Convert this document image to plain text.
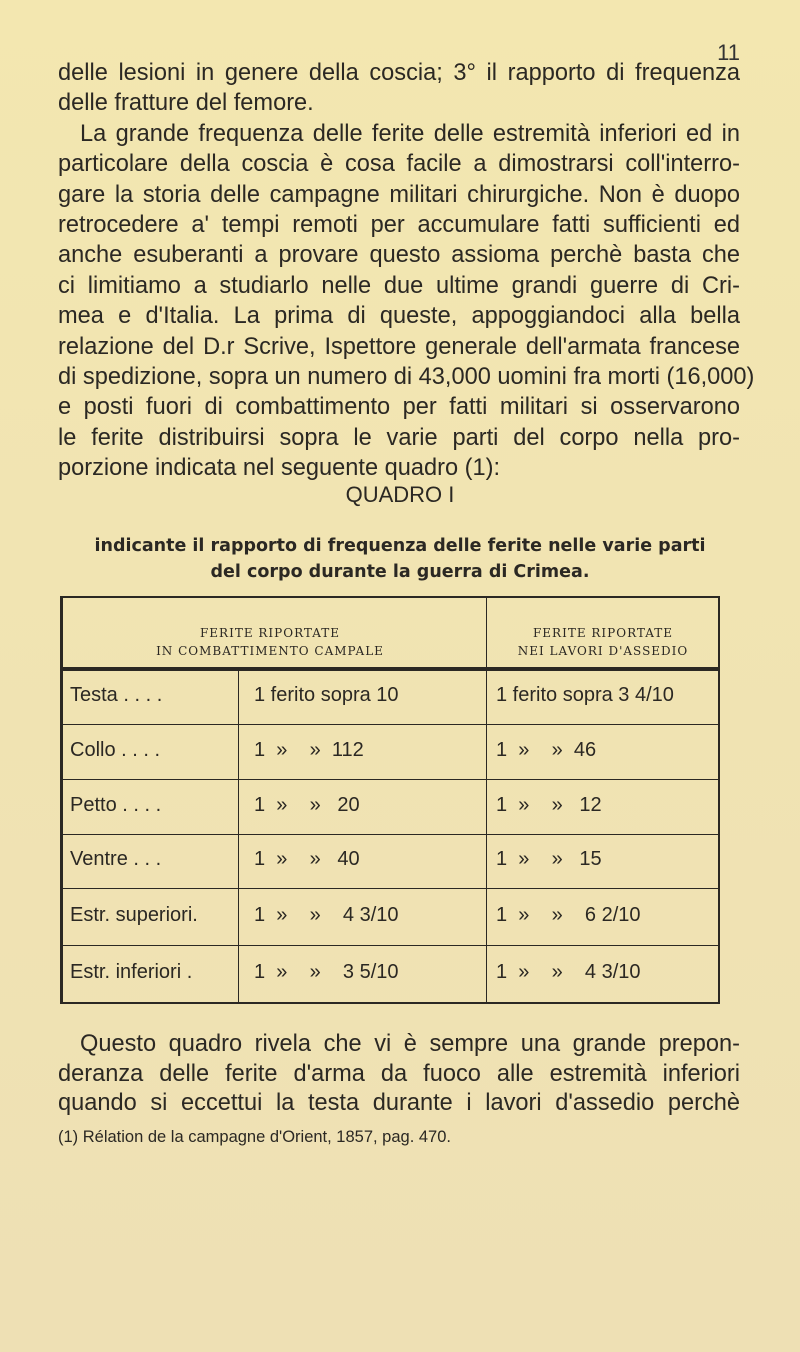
11
delle lesioni in genere della coscia; 3° il rapporto di frequenza
delle fratture del femore.
La grande frequenza delle ferite delle estremità inferiori ed in
particolare della coscia è cosa facile a dimostrarsi coll'interro-
gare la storia delle campagne militari chirurgiche. Non è duopo
retrocedere a' tempi remoti per accumulare fatti sufficienti ed
anche esuberanti a provare questo assioma perchè basta che
ci limitiamo a studiarlo nelle due ultime grandi guerre di Cri-
mea e d'Italia. La prima di queste, appoggiandoci alla bella
relazione del D.r Scrive, Ispettore generale dell'armata francese
di spedizione, sopra un numero di 43,000 uomini fra morti (16,000)
e posti fuori di combattimento per fatti militari si osservarono
le ferite distribuirsi sopra le varie parti del corpo nella pro-
porzione indicata nel seguente quadro (1):
QUADRO I
indicante il rapporto di frequenza delle ferite nelle varie parti
del corpo durante la guerra di Crimea.
FERITE RIPORTATE
IN COMBATTIMENTO CAMPALE
FERITE RIPORTATE
NEI LAVORI D'ASSEDIO
Testa . . . .	1 ferito sopra 10	1 ferito sopra 3 4/10
Collo . . . .	1  »    »  112	1  »    »  46
Petto . . . .	1  »    »   20	1  »    »   12
Ventre . . .	1  »    »   40	1  »    »   15
Estr. superiori.	1  »    »    4 3/10	1  »    »    6 2/10
Estr. inferiori .	1  »    »    3 5/10	1  »    »    4 3/10
Questo quadro rivela che vi è sempre una grande prepon-
deranza delle ferite d'arma da fuoco alle estremità inferiori
quando si eccettui la testa durante i lavori d'assedio perchè
(1) Rélation de la campagne d'Orient, 1857, pag. 470.
